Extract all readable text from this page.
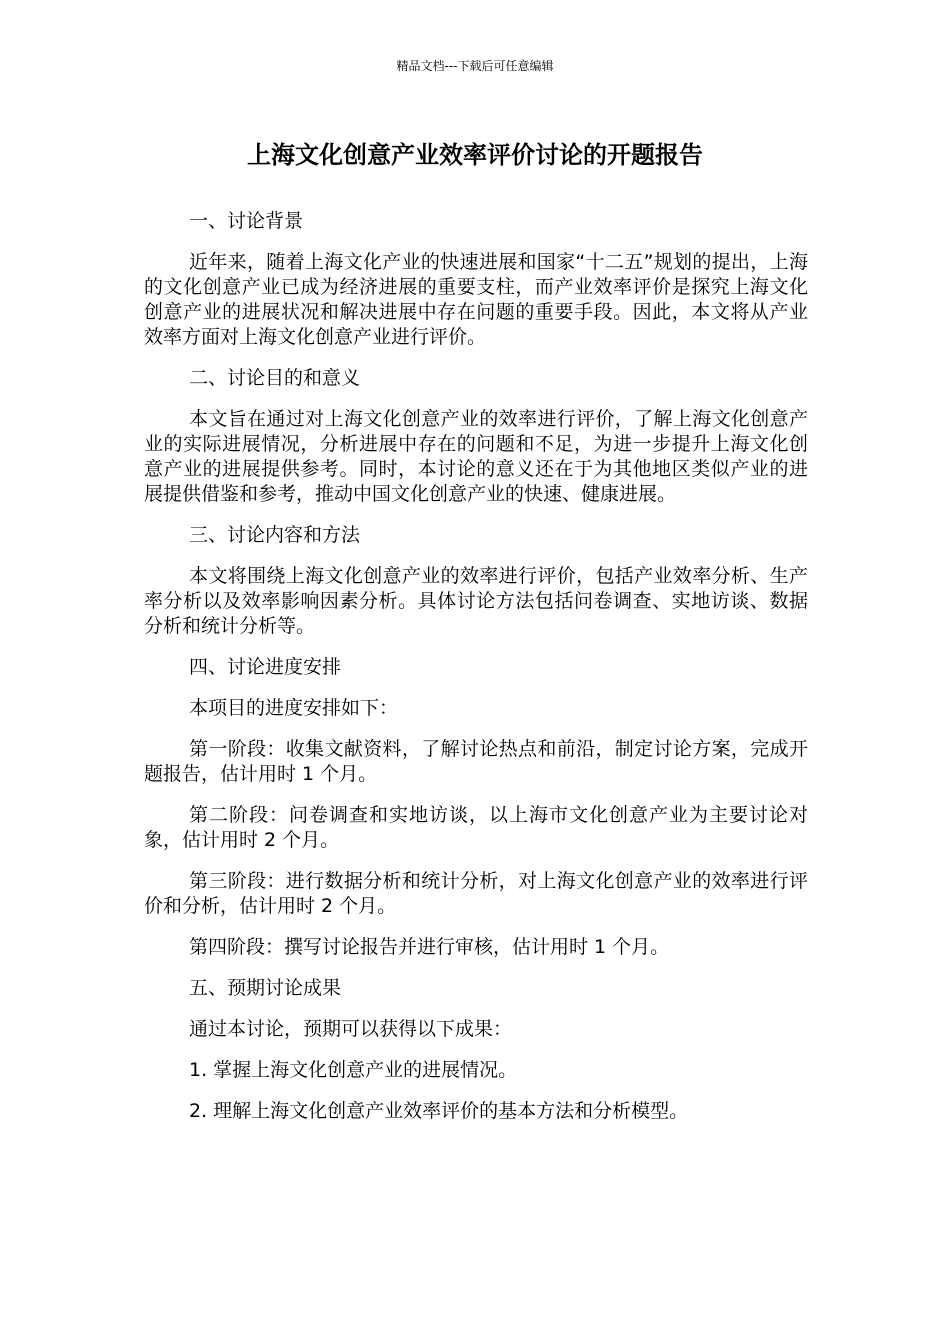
精品文档---下载后可任意编辑
上海文化创意产业效率评价讨论的开题报告

一、讨论背景

近年来，随着上海文化产业的快速进展和国家“十二五”规划的提出，上海的文化创意产业已成为经济进展的重要支柱，而产业效率评价是探究上海文化创意产业的进展状况和解决进展中存在问题的重要手段。因此，本文将从产业效率方面对上海文化创意产业进行评价。

二、讨论目的和意义

本文旨在通过对上海文化创意产业的效率进行评价，了解上海文化创意产业的实际进展情况，分析进展中存在的问题和不足，为进一步提升上海文化创意产业的进展提供参考。同时，本讨论的意义还在于为其他地区类似产业的进展提供借鉴和参考，推动中国文化创意产业的快速、健康进展。

三、讨论内容和方法

本文将围绕上海文化创意产业的效率进行评价，包括产业效率分析、生产率分析以及效率影响因素分析。具体讨论方法包括问卷调查、实地访谈、数据分析和统计分析等。

四、讨论进度安排

本项目的进度安排如下：

第一阶段：收集文献资料，了解讨论热点和前沿，制定讨论方案，完成开题报告，估计用时 1 个月。

第二阶段：问卷调查和实地访谈，以上海市文化创意产业为主要讨论对象，估计用时 2 个月。

第三阶段：进行数据分析和统计分析，对上海文化创意产业的效率进行评价和分析，估计用时 2 个月。

第四阶段：撰写讨论报告并进行审核，估计用时 1 个月。

五、预期讨论成果

通过本讨论，预期可以获得以下成果：

1. 掌握上海文化创意产业的进展情况。

2. 理解上海文化创意产业效率评价的基本方法和分析模型。
